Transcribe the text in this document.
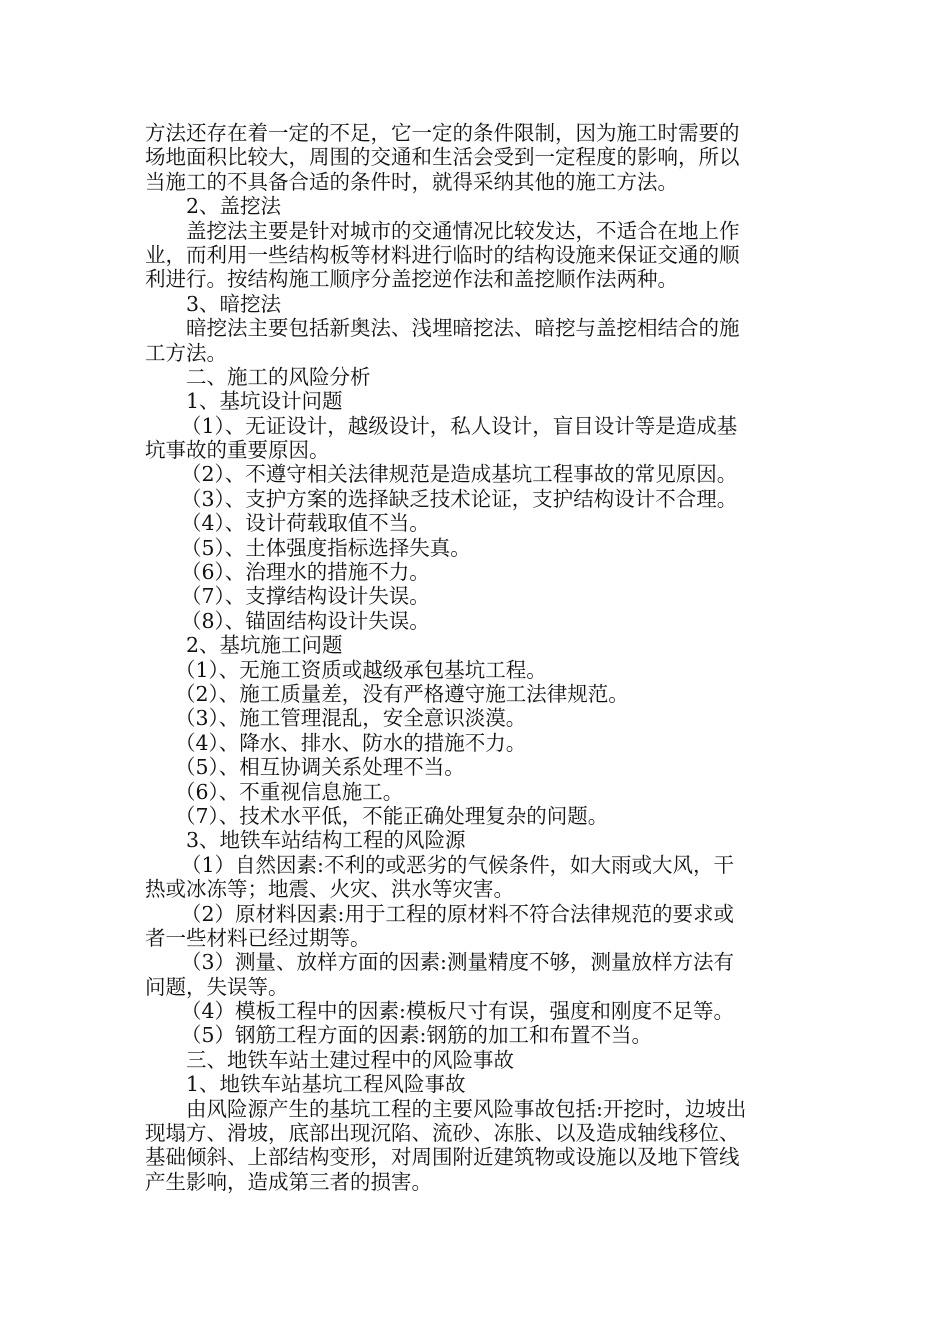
方法还存在着一定的不足，它一定的条件限制，因为施工时需要的
场地面积比较大，周围的交通和生活会受到一定程度的影响，所以
当施工的不具备合适的条件时，就得采纳其他的施工方法。
2、盖挖法
盖挖法主要是针对城市的交通情况比较发达，不适合在地上作
业，而利用一些结构板等材料进行临时的结构设施来保证交通的顺
利进行。按结构施工顺序分盖挖逆作法和盖挖顺作法两种。
3、暗挖法
暗挖法主要包括新奥法、浅埋暗挖法、暗挖与盖挖相结合的施
工方法。
二、施工的风险分析
1、基坑设计问题
（1）、无证设计，越级设计，私人设计，盲目设计等是造成基
坑事故的重要原因。
（2）、不遵守相关法律规范是造成基坑工程事故的常见原因。
（3）、支护方案的选择缺乏技术论证，支护结构设计不合理。
（4）、设计荷载取值不当。
（5）、土体强度指标选择失真。
（6）、治理水的措施不力。
（7）、支撑结构设计失误。
（8）、锚固结构设计失误。
2、基坑施工问题
（1）、无施工资质或越级承包基坑工程。
（2）、施工质量差，没有严格遵守施工法律规范。
（3）、施工管理混乱，安全意识淡漠。
（4）、降水、排水、防水的措施不力。
（5）、相互协调关系处理不当。
（6）、不重视信息施工。
（7）、技术水平低，不能正确处理复杂的问题。
3、地铁车站结构工程的风险源
（1）自然因素:不利的或恶劣的气候条件，如大雨或大风，干
热或冰冻等；地震、火灾、洪水等灾害。
（2）原材料因素:用于工程的原材料不符合法律规范的要求或
者一些材料已经过期等。
（3）测量、放样方面的因素:测量精度不够，测量放样方法有
问题，失误等。
（4）模板工程中的因素:模板尺寸有误，强度和刚度不足等。
（5）钢筋工程方面的因素:钢筋的加工和布置不当。
三、地铁车站土建过程中的风险事故
1、地铁车站基坑工程风险事故
由风险源产生的基坑工程的主要风险事故包括:开挖时，边坡出
现塌方、滑坡，底部出现沉陷、流砂、冻胀、以及造成轴线移位、
基础倾斜、上部结构变形，对周围附近建筑物或设施以及地下管线
产生影响，造成第三者的损害。
